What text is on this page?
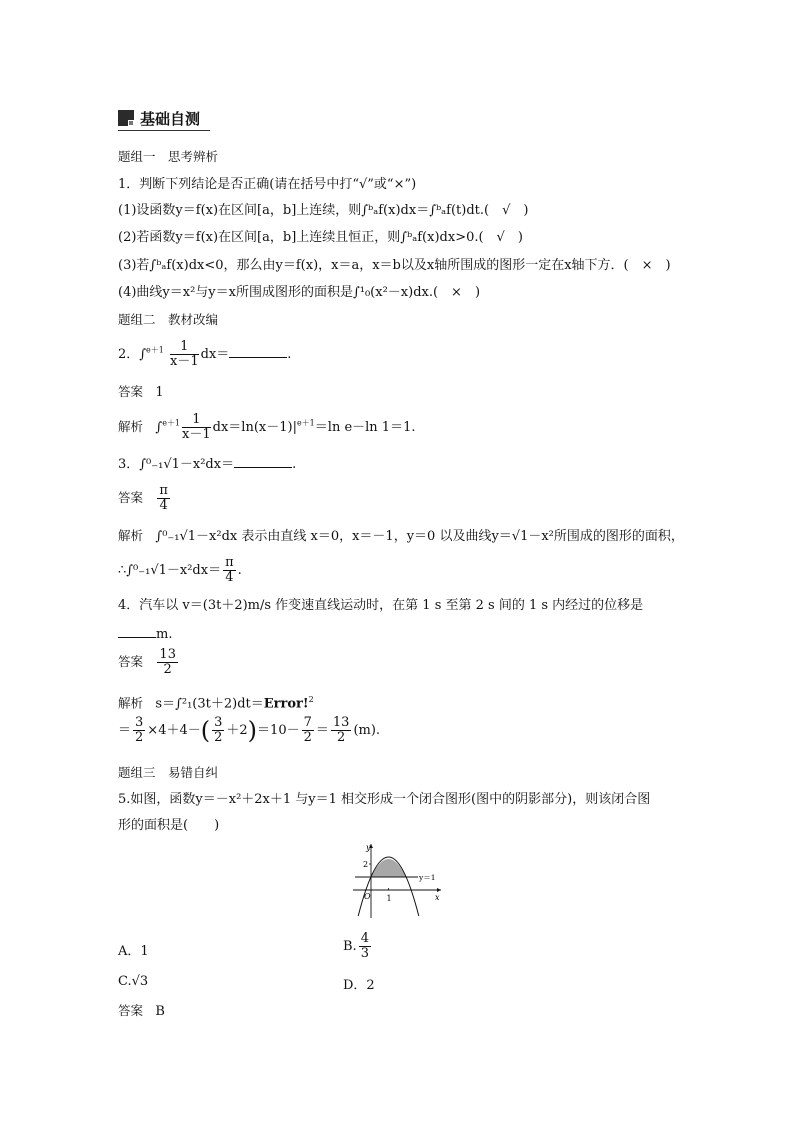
基础自测
题组一　思考辨析
1．判断下列结论是否正确(请在括号中打“√”或“×”)
(1)设函数y＝f(x)在区间[a，b]上连续，则∫ᵇₐf(x)dx＝∫ᵇₐf(t)dt.(　√　)
(2)若函数y＝f(x)在区间[a，b]上连续且恒正，则∫ᵇₐf(x)dx>0.(　√　)
(3)若∫ᵇₐf(x)dx<0，那么由y＝f(x)，x＝a，x＝b以及x轴所围成的图形一定在x轴下方．(　×　)
(4)曲线y＝x²与y＝x所围成图形的面积是∫¹₀(x²－x)dx.(　×　)
题组二　教材改编
2．$\int^{e+1} \frac{1}{x-1} dx=$	.
答案 1
解析 $\int^{e+1} \frac{1}{x-1} dx=\ln(x-1)|^{e+1}=\ln$ e－ln 1＝1.
3．∫⁰₋₁√1－x²dx＝	.
答案 $\frac{\pi}{4}$
解析 ∫⁰₋₁√1－x²dx 表示由直线 x＝0，x＝－1，y＝0 以及曲线y＝√1－x²所围成的图形的面积，
∴∫⁰₋₁√1－x²dx＝ $\frac{\pi}{4}$ .
4．汽车以 v＝(3t＋2)m/s 作变速直线运动时，在第 1 s 至第 2 s 间的 1 s 内经过的位移是
m.
答案 $\frac{13}{2}$
解析 s＝∫²₁(3t＋2)dt＝Error!$^2$
＝ $\frac{3}{2} \times 4+4-( \frac{3}{2} +2)=10- \frac{7}{2} = \frac{13}{2} (m)$.
题组三　易错自纠
5.如图，函数y＝－x²＋2x＋1 与y＝1 相交形成一个闭合图形(图中的阴影部分)，则该闭合图
形的面积是(　　)
y
x
O 1
2
y＝1
A．1	B. $\frac{4}{3}$
C.√3	D．2
答案 B
